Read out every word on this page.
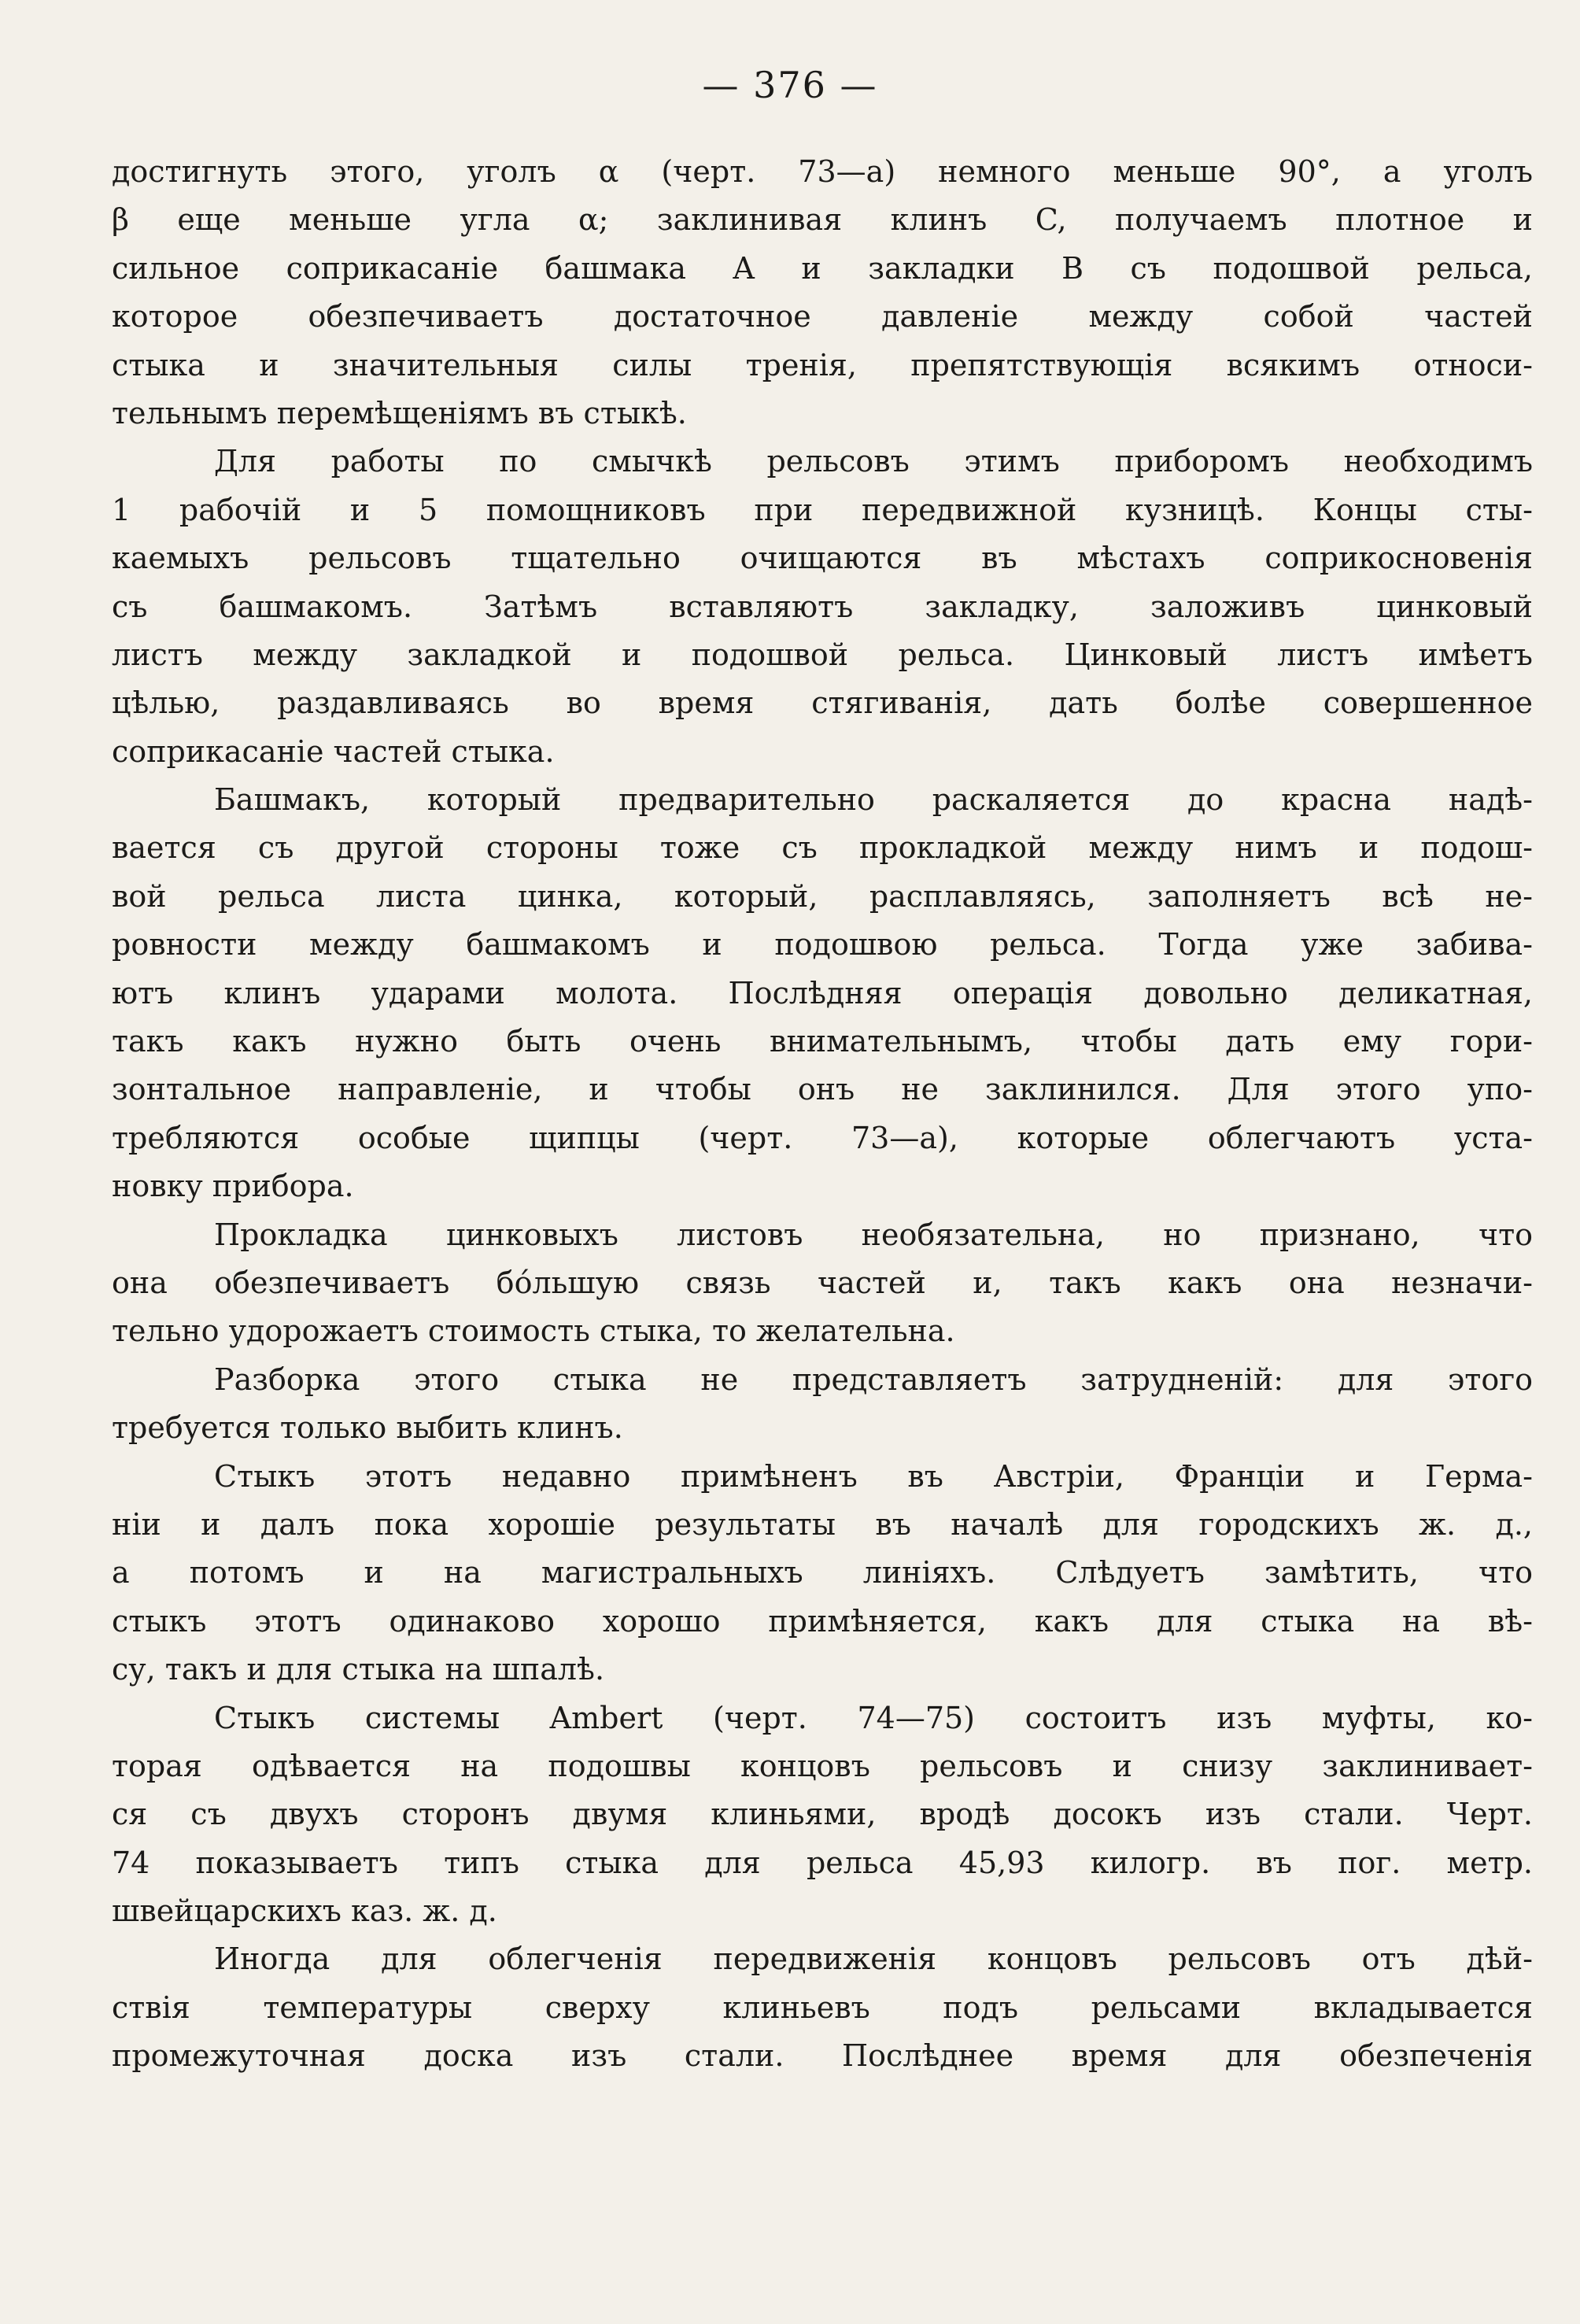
— 376 —
достигнуть этого, уголъ α (черт. 73—а) немного меньше 90°, а уголъ
β еще меньше угла α; заклинивая клинъ C, получаемъ плотное и
сильное соприкасаніе башмака A и закладки B съ подошвой рельса,
которое обезпечиваетъ достаточное давленіе между собой частей
стыка и значительныя силы тренія, препятствующія всякимъ относи-
тельнымъ перемѣщеніямъ въ стыкѣ.
Для работы по смычкѣ рельсовъ этимъ приборомъ необходимъ
1 рабочій и 5 помощниковъ при передвижной кузницѣ. Концы сты-
каемыхъ рельсовъ тщательно очищаются въ мѣстахъ соприкосновенія
съ башмакомъ. Затѣмъ вставляютъ закладку, заложивъ цинковый
листъ между закладкой и подошвой рельса. Цинковый листъ имѣетъ
цѣлью, раздавливаясь во время стягиванія, дать болѣе совершенное
соприкасаніе частей стыка.
Башмакъ, который предварительно раскаляется до красна надѣ-
вается съ другой стороны тоже съ прокладкой между нимъ и подош-
вой рельса листа цинка, который, расплавляясь, заполняетъ всѣ не-
ровности между башмакомъ и подошвою рельса. Тогда уже забива-
ютъ клинъ ударами молота. Послѣдняя операція довольно деликатная,
такъ какъ нужно быть очень внимательнымъ, чтобы дать ему гори-
зонтальное направленіе, и чтобы онъ не заклинился. Для этого упо-
требляются особые щипцы (черт. 73—а), которые облегчаютъ уста-
новку прибора.
Прокладка цинковыхъ листовъ необязательна, но признано, что
она обезпечиваетъ бо́льшую связь частей и, такъ какъ она незначи-
тельно удорожаетъ стоимость стыка, то желательна.
Разборка этого стыка не представляетъ затрудненій: для этого
требуется только выбить клинъ.
Стыкъ этотъ недавно примѣненъ въ Австріи, Франціи и Герма-
ніи и далъ пока хорошіе результаты въ началѣ для городскихъ ж. д.,
а потомъ и на магистральныхъ линіяхъ. Слѣдуетъ замѣтить, что
стыкъ этотъ одинаково хорошо примѣняется, какъ для стыка на вѣ-
су, такъ и для стыка на шпалѣ.
Стыкъ системы Ambert (черт. 74—75) состоитъ изъ муфты, ко-
торая одѣвается на подошвы концовъ рельсовъ и снизу заклинивает-
ся съ двухъ сторонъ двумя клиньями, вродѣ досокъ изъ стали. Черт.
74 показываетъ типъ стыка для рельса 45,93 килогр. въ пог. метр.
швейцарскихъ каз. ж. д.
Иногда для облегченія передвиженія концовъ рельсовъ отъ дѣй-
ствія температуры сверху клиньевъ подъ рельсами вкладывается
промежуточная доска изъ стали. Послѣднее время для обезпеченія
